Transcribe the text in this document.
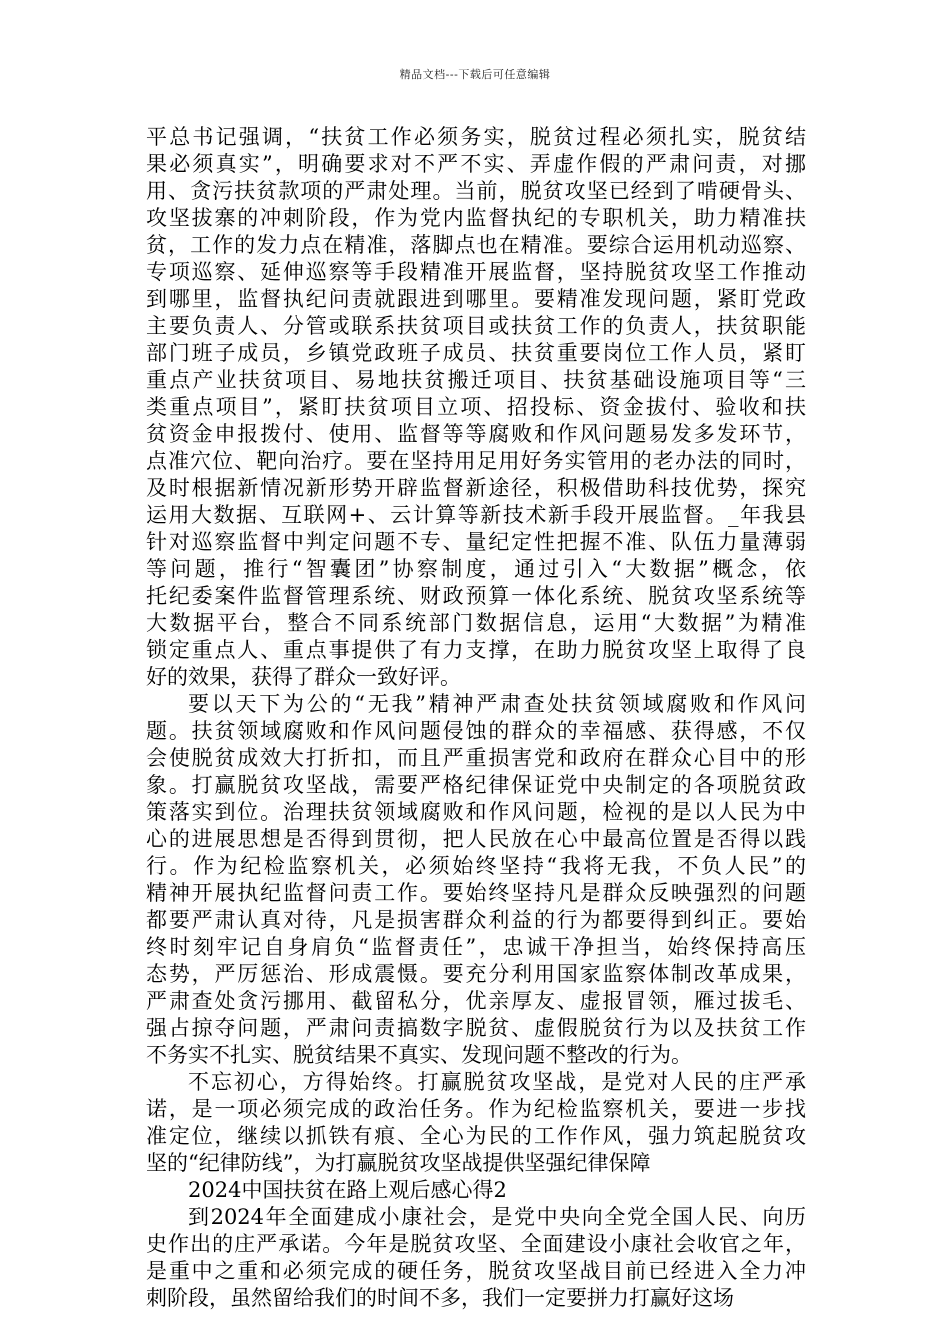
精品文档---下载后可任意编辑
平总书记强调，“扶贫工作必须务实，脱贫过程必须扎实，脱贫结
果必须真实”，明确要求对不严不实、弄虚作假的严肃问责，对挪
用、贪污扶贫款项的严肃处理。当前，脱贫攻坚已经到了啃硬骨头、
攻坚拔寨的冲刺阶段，作为党内监督执纪的专职机关，助力精准扶
贫，工作的发力点在精准，落脚点也在精准。要综合运用机动巡察、
专项巡察、延伸巡察等手段精准开展监督，坚持脱贫攻坚工作推动
到哪里，监督执纪问责就跟进到哪里。要精准发现问题，紧盯党政
主要负责人、分管或联系扶贫项目或扶贫工作的负责人，扶贫职能
部门班子成员，乡镇党政班子成员、扶贫重要岗位工作人员，紧盯
重点产业扶贫项目、易地扶贫搬迁项目、扶贫基础设施项目等“三
类重点项目”，紧盯扶贫项目立项、招投标、资金拔付、验收和扶
贫资金申报拨付、使用、监督等等腐败和作风问题易发多发环节，
点准穴位、靶向治疗。要在坚持用足用好务实管用的老办法的同时，
及时根据新情况新形势开辟监督新途径，积极借助科技优势，探究
运用大数据、互联网+、云计算等新技术新手段开展监督。_年我县
针对巡察监督中判定问题不专、量纪定性把握不准、队伍力量薄弱
等问题，推行“智囊团”协察制度，通过引入“大数据”概念，依
托纪委案件监督管理系统、财政预算一体化系统、脱贫攻坚系统等
大数据平台，整合不同系统部门数据信息，运用“大数据”为精准
锁定重点人、重点事提供了有力支撑，在助力脱贫攻坚上取得了良
好的效果，获得了群众一致好评。
要以天下为公的“无我”精神严肃查处扶贫领域腐败和作风问
题。扶贫领域腐败和作风问题侵蚀的群众的幸福感、获得感，不仅
会使脱贫成效大打折扣，而且严重损害党和政府在群众心目中的形
象。打赢脱贫攻坚战，需要严格纪律保证党中央制定的各项脱贫政
策落实到位。治理扶贫领域腐败和作风问题，检视的是以人民为中
心的进展思想是否得到贯彻，把人民放在心中最高位置是否得以践
行。作为纪检监察机关，必须始终坚持“我将无我，不负人民”的
精神开展执纪监督问责工作。要始终坚持凡是群众反映强烈的问题
都要严肃认真对待，凡是损害群众利益的行为都要得到纠正。要始
终时刻牢记自身肩负“监督责任”，忠诚干净担当，始终保持高压
态势，严厉惩治、形成震慑。要充分利用国家监察体制改革成果，
严肃查处贪污挪用、截留私分，优亲厚友、虚报冒领，雁过拔毛、
强占掠夺问题，严肃问责搞数字脱贫、虚假脱贫行为以及扶贫工作
不务实不扎实、脱贫结果不真实、发现问题不整改的行为。
不忘初心，方得始终。打赢脱贫攻坚战，是党对人民的庄严承
诺，是一项必须完成的政治任务。作为纪检监察机关，要进一步找
准定位，继续以抓铁有痕、全心为民的工作作风，强力筑起脱贫攻
坚的“纪律防线”，为打赢脱贫攻坚战提供坚强纪律保障
2024中国扶贫在路上观后感心得2
到2024年全面建成小康社会，是党中央向全党全国人民、向历
史作出的庄严承诺。今年是脱贫攻坚、全面建设小康社会收官之年，
是重中之重和必须完成的硬任务，脱贫攻坚战目前已经进入全力冲
刺阶段，虽然留给我们的时间不多，我们一定要拼力打赢好这场
